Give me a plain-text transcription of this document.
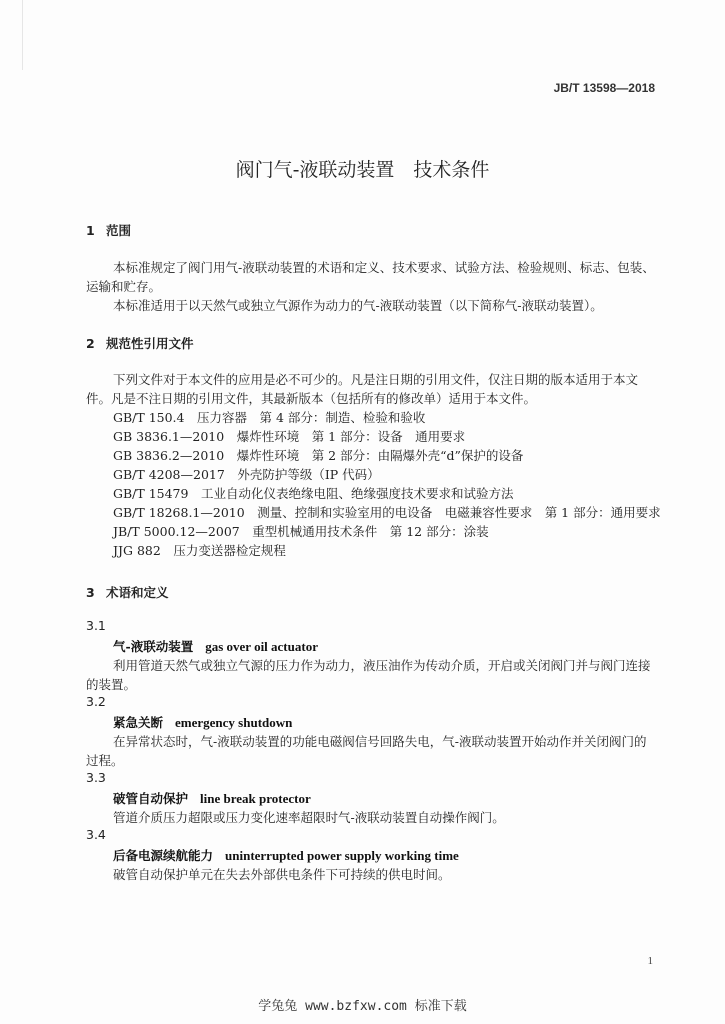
JB/T 13598—2018
阀门气-液联动装置　技术条件
1 范围
本标准规定了阀门用气-液联动装置的术语和定义、技术要求、试验方法、检验规则、标志、包装、
运输和贮存。
本标准适用于以天然气或独立气源作为动力的气-液联动装置（以下简称气-液联动装置）。
2 规范性引用文件
下列文件对于本文件的应用是必不可少的。凡是注日期的引用文件，仅注日期的版本适用于本文
件。凡是不注日期的引用文件，其最新版本（包括所有的修改单）适用于本文件。
GB/T 150.4　压力容器　第 4 部分：制造、检验和验收
GB 3836.1—2010　爆炸性环境　第 1 部分：设备　通用要求
GB 3836.2—2010　爆炸性环境　第 2 部分：由隔爆外壳“d”保护的设备
GB/T 4208—2017　外壳防护等级（IP 代码）
GB/T 15479　工业自动化仪表绝缘电阻、绝缘强度技术要求和试验方法
GB/T 18268.1—2010　测量、控制和实验室用的电设备　电磁兼容性要求　第 1 部分：通用要求
JB/T 5000.12—2007　重型机械通用技术条件　第 12 部分：涂装
JJG 882　压力变送器检定规程
3 术语和定义
3.1
气-液联动装置 gas over oil actuator
利用管道天然气或独立气源的压力作为动力，液压油作为传动介质，开启或关闭阀门并与阀门连接
的装置。
3.2
紧急关断 emergency shutdown
在异常状态时，气-液联动装置的功能电磁阀信号回路失电，气-液联动装置开始动作并关闭阀门的
过程。
3.3
破管自动保护 line break protector
管道介质压力超限或压力变化速率超限时气-液联动装置自动操作阀门。
3.4
后备电源续航能力 uninterrupted power supply working time
破管自动保护单元在失去外部供电条件下可持续的供电时间。
1
学兔兔 www.bzfxw.com 标准下载
